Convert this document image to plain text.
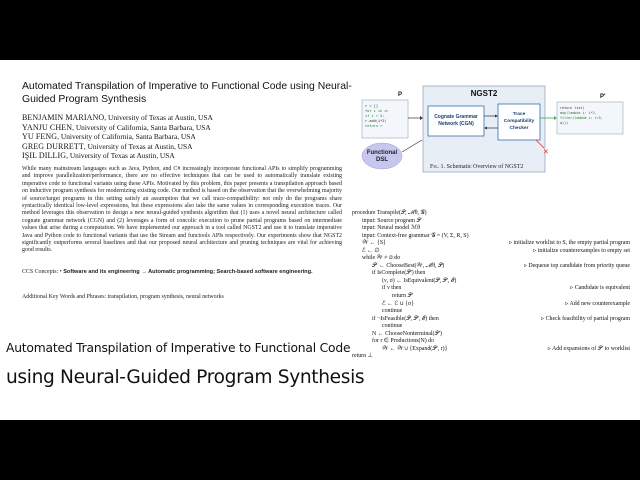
Automated Transpilation of Imperative to Functional Code using Neural-Guided Program Synthesis
BENJAMIN MARIANO, University of Texas at Austin, USA
YANJU CHEN, University of California, Santa Barbara, USA
YU FENG, University of California, Santa Barbara, USA
GREG DURRETT, University of Texas at Austin, USA
IŞIL DILLIG, University of Texas at Austin, USA
While many mainstream languages such as Java, Python, and C# increasingly incorporate functional APIs to simplify programming and improve parallelization/performance, there are no effective techniques that can be used to automatically translate existing imperative code to functional variants using these APIs. Motivated by this problem, this paper presents a transpilation approach based on inductive program synthesis for modernizing existing code. Our method is based on the observation that the overwhelming majority of source/target programs in this setting satisfy an assumption that we call trace-compatibility: not only do the programs share syntactically identical low-level expressions, but these expressions also take the same values in corresponding execution traces. Our method leverages this observation to design a new neural-guided synthesis algorithm that (1) uses a novel neural architecture called cognate grammar network (CGN) and (2) leverages a form of concolic execution to prune partial programs based on intermediate values that arise during a computation. We have implemented our approach in a tool called NGST2 and use it to translate imperative Java and Python code to functional variants that use the Stream and functools APIs respectively. Our experiments show that NGST2 significantly outperforms several baselines and that our proposed neural architecture and pruning techniques are vital for achieving good results.
CCS Concepts: • Software and its engineering → Automatic programming; Search-based software engineering.
Additional Key Words and Phrases: transpilation, program synthesis, neural networks
Automated Transpilation of Imperative to Functional Code
using Neural-Guided Program Synthesis
P
r = []
for i in a:
if i > 5:
r.add(i*2)
return r
Functional
DSL
NGST2
Cognate Grammar
Network (CGN)
Trace
Compatibility
Checker
✕
P′
return list(
map(lambda i: i*2,
filter(lambda i: i>5,
a)))
Fig. 1. Schematic Overview of NGST2
procedure Transpile(𝒫, ℳθ, 𝒢)
input: Source program 𝒫
input: Neural model ℳθ
input: Context-free grammar 𝒢 = (V, Σ, R, S)
𝒲 ← {S}	▹ initialize worklist to S, the empty partial program
ℰ ← ∅	▹ initialize counterexamples to empty set
while 𝒲 ≠ ∅ do
𝒫′ ← ChooseBest(𝒲, ℳθ, 𝒫)	▹ Dequeue top candidate from priority queue
if IsComplete(𝒫′) then
(ν, σ) ← IsEquivalent(𝒫, 𝒫′, ℰ)
if ν then	▹ Candidate is equivalent
return 𝒫′
ℰ ← ℰ ∪ {σ}	▹ Add new counterexample
continue
if ¬IsFeasible(𝒫, 𝒫′, ℰ) then	▹ Check feasibility of partial program
continue
N ← ChooseNonterminal(𝒫′)
for r ∈ Productions(N) do
𝒲 ← 𝒲 ∪ {Expand(𝒫′, r)}	▹ Add expansions of 𝒫′ to worklist
return ⊥
